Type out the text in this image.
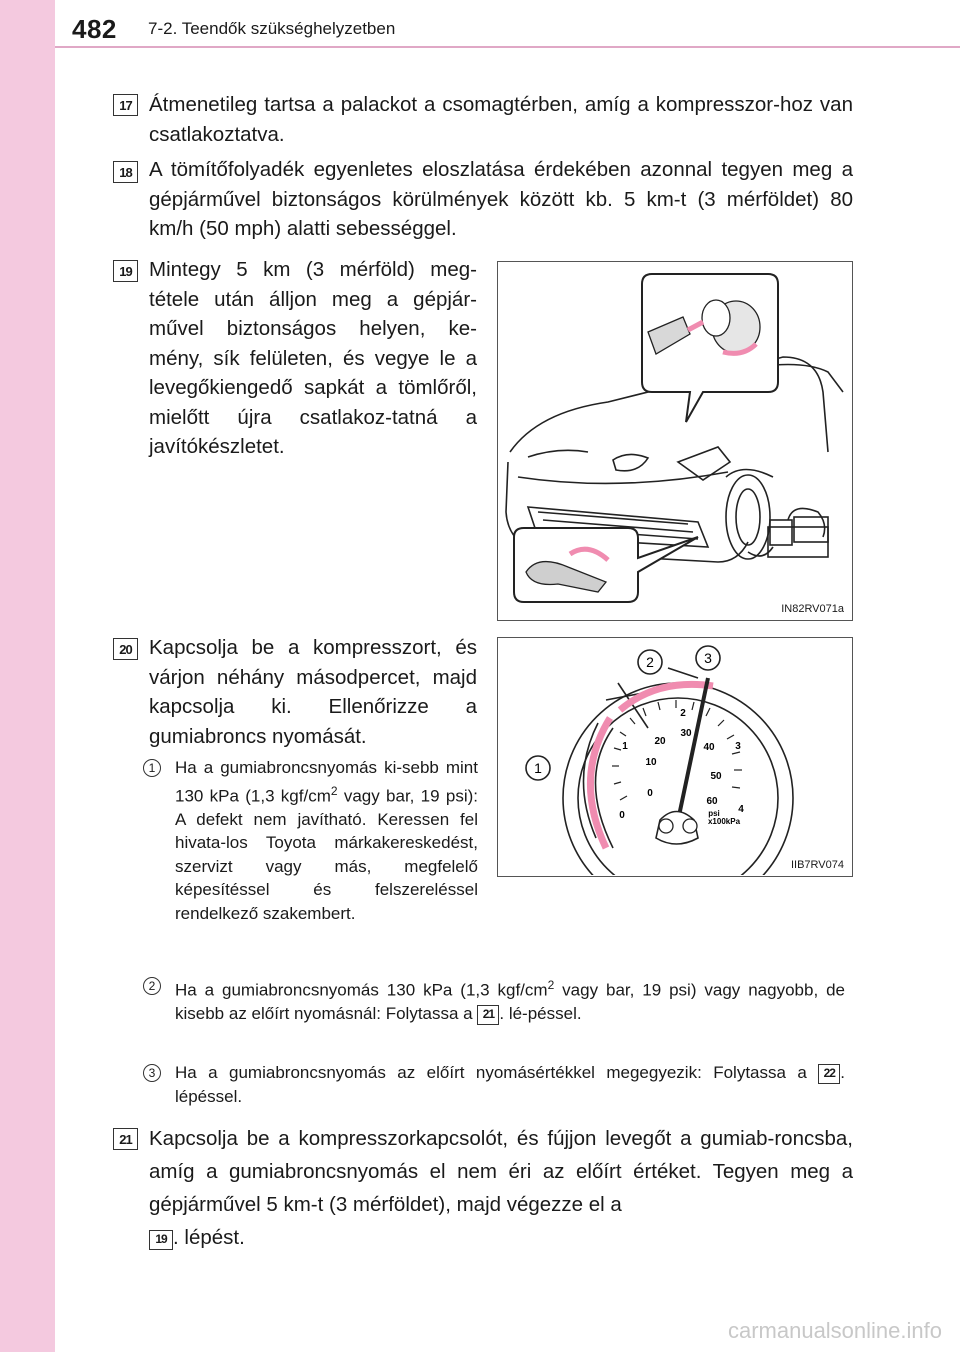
482 7-2. Teendők szükséghelyzetben
17 Átmenetileg tartsa a palackot a csomagtérben, amíg a kompresszor-hoz van csatlakoztatva.
18 A tömítőfolyadék egyenletes eloszlatása érdekében azonnal tegyen meg a gépjárművel biztonságos körülmények között kb. 5 km-t (3 mérföldet) 80 km/h (50 mph) alatti sebességgel.
19 Mintegy 5 km (3 mérföld) meg-tétele után álljon meg a gépjár-művel biztonságos helyen, ke-mény, sík felületen, és vegye le a levegőkiengedő sapkát a tömlőről, mielőtt újra csatlakoz-tatná a javítókészletet.
IN82RV071a
20 Kapcsolja be a kompresszort, és várjon néhány másodpercet, majd kapcsolja ki. Ellenőrizze a gumiabroncs nyomását.
1	Ha a gumiabroncsnyomás ki-sebb mint 130 kPa (1,3 kgf/$cm^2$ vagy bar, 19 psi): A defekt nem javítható. Keressen fel hivata-los Toyota márkakereskedést, szervizt vagy más, megfelelő képesítéssel és felszereléssel rendelkező szakembert.
1
2	3
0
10
20
30
40
50
60
0
1
2
3
4
psi
x100kPa
IIB7RV074
2	Ha a gumiabroncsnyomás 130 kPa (1,3 kgf/$cm^2$ vagy bar, 19 psi) vagy nagyobb, de kisebb az előírt nyomásnál: Folytassa a 21 . lé-péssel.
3	Ha a gumiabroncsnyomás az előírt nyomásértékkel megegyezik: Folytassa a 22 . lépéssel.
21 Kapcsolja be a kompresszorkapcsolót, és fújjon levegőt a gumiab-roncsba, amíg a gumiabroncsnyomás el nem éri az előírt értéket. Tegyen meg a gépjárművel 5 km-t (3 mérföldet), majd végezze el a
19 . lépést.
carmanualsonline.info
